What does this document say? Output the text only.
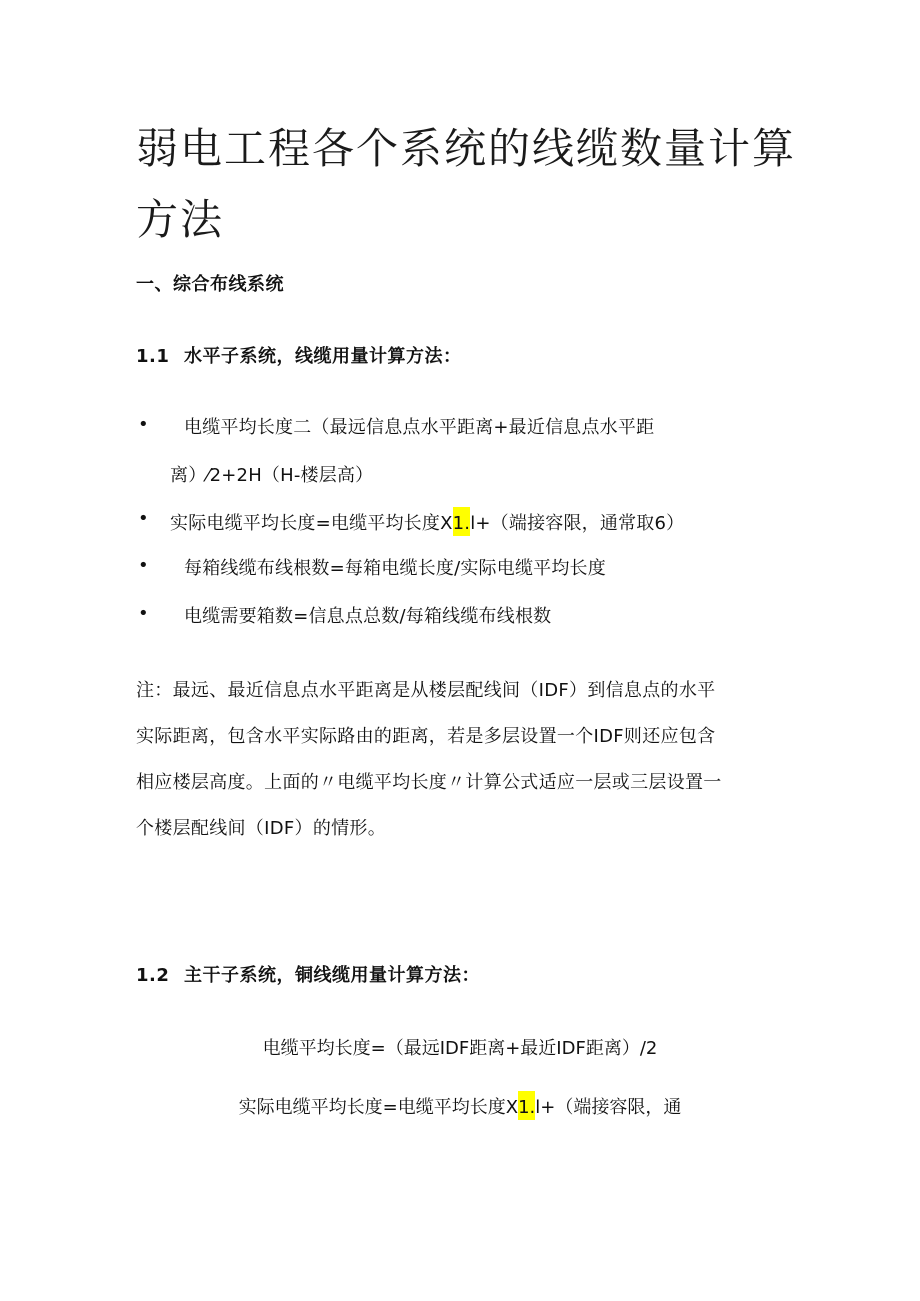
弱电工程各个系统的线缆数量计算
方法
一、综合布线系统
1.1 水平子系统，线缆用量计算方法：
• 电缆平均长度二（最远信息点水平距离+最近信息点水平距
离）⁄2+2H（H-楼层高）
• 实际电缆平均长度=电缆平均长度X1.l+（端接容限，通常取6）
• 每箱线缆布线根数=每箱电缆长度/实际电缆平均长度
• 电缆需要箱数=信息点总数/每箱线缆布线根数
注：最远、最近信息点水平距离是从楼层配线间（IDF）到信息点的水平
实际距离，包含水平实际路由的距离，若是多层设置一个IDF则还应包含
相应楼层高度。上面的〃电缆平均长度〃计算公式适应一层或三层设置一
个楼层配线间（IDF）的情形。
1.2 主干子系统，铜线缆用量计算方法：
电缆平均长度=（最远IDF距离+最近IDF距离）/2
实际电缆平均长度=电缆平均长度X1.l+（端接容限，通
